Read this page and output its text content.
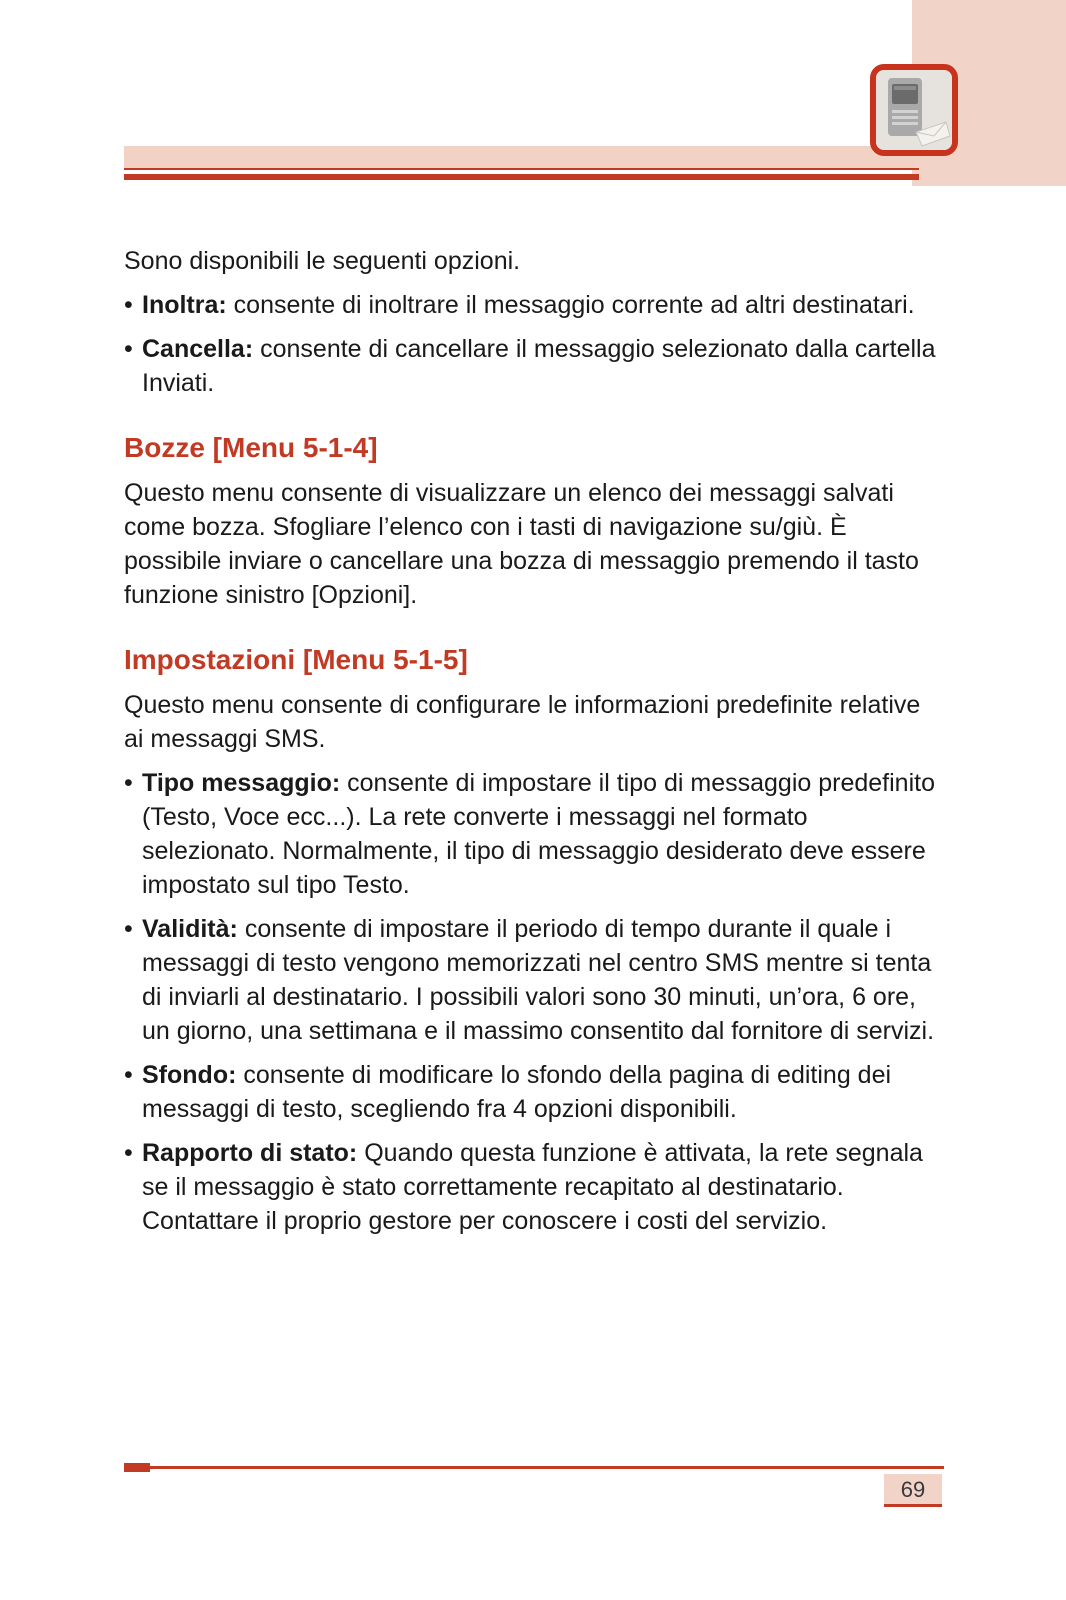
Sono disponibili le seguenti opzioni.

• Inoltra: consente di inoltrare il messaggio corrente ad altri destinatari.
• Cancella: consente di cancellare il messaggio selezionato dalla cartella Inviati.
Bozze [Menu 5-1-4]

Questo menu consente di visualizzare un elenco dei messaggi salvati come bozza. Sfogliare l’elenco con i tasti di navigazione su/giù. È possibile inviare o cancellare una bozza di messaggio premendo il tasto funzione sinistro [Opzioni].

Impostazioni [Menu 5-1-5]

Questo menu consente di configurare le informazioni predefinite relative ai messaggi SMS.

• Tipo messaggio: consente di impostare il tipo di messaggio predefinito (Testo, Voce ecc...). La rete converte i messaggi nel formato selezionato. Normalmente, il tipo di messaggio desiderato deve essere impostato sul tipo Testo.
• Validità: consente di impostare il periodo di tempo durante il quale i messaggi di testo vengono memorizzati nel centro SMS mentre si tenta di inviarli al destinatario. I possibili valori sono 30 minuti, un’ora, 6 ore, un giorno, una settimana e il massimo consentito dal fornitore di servizi.
• Sfondo: consente di modificare lo sfondo della pagina di editing dei messaggi di testo, scegliendo fra 4 opzioni disponibili.
• Rapporto di stato: Quando questa funzione è attivata, la rete segnala se il messaggio è stato correttamente recapitato al destinatario. Contattare il proprio gestore per conoscere i costi del servizio.
69
